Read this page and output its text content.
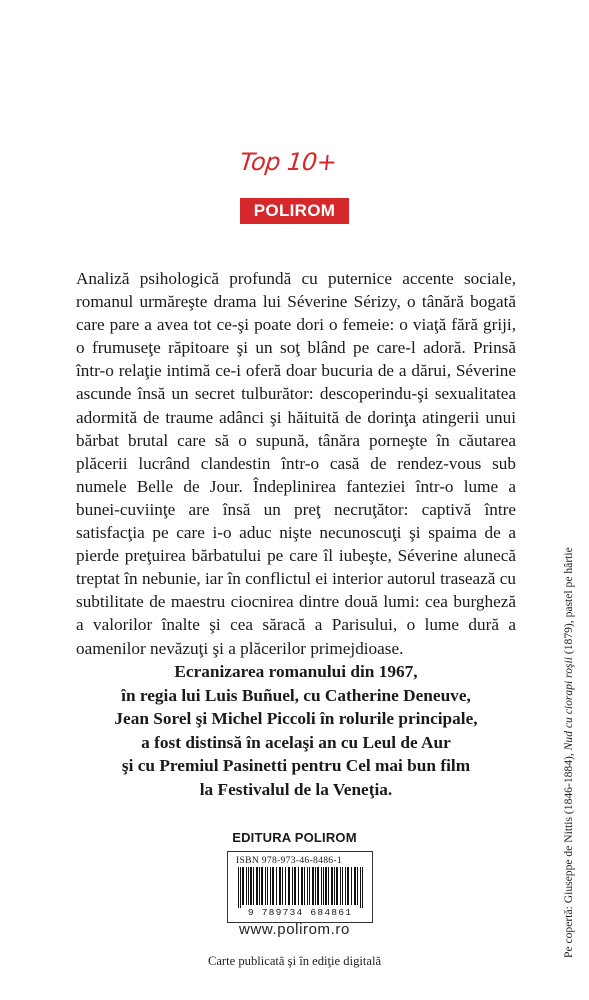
Top 10+
POLIROM

Analiză psihologică profundă cu puternice accente sociale, romanul urmăreşte drama lui Séverine Sérizy, o tânără bogată care pare a avea tot ce-şi poate dori o femeie: o viaţă fără griji, o frumuseţe răpitoare şi un soţ blând pe care-l adoră. Prinsă într-o relaţie intimă ce-i oferă doar bucuria de a dărui, Séverine ascunde însă un secret tulburător: descoperindu-şi sexualitatea adormită de traume adânci şi hăituită de dorinţa atingerii unui bărbat brutal care să o supună, tânăra porneşte în căutarea plăcerii lucrând clandestin într-o casă de rendez-vous sub numele Belle de Jour. Îndeplinirea fanteziei într-o lume a bunei-cuviinţe are însă un preţ necruţător: captivă între satisfacţia pe care i-o aduc nişte necunoscuţi şi spaima de a pierde preţuirea bărbatului pe care îl iubeşte, Séverine alunecă treptat în nebunie, iar în conflictul ei interior autorul trasează cu subtilitate de maestru ciocnirea dintre două lumi: cea burgheză a valorilor înalte şi cea săracă a Parisului, o lume dură a oamenilor nevăzuţi şi a plăcerilor primejdioase.

Pe copertă: Giuseppe de Nittis (1846-1884), Nud cu ciorapi roşii (1879), pastel pe hârtie

Ecranizarea romanului din 1967,
în regia lui Luis Buñuel, cu Catherine Deneuve,
Jean Sorel şi Michel Piccoli în rolurile principale,
a fost distinsă în acelaşi an cu Leul de Aur
şi cu Premiul Pasinetti pentru Cel mai bun film
la Festivalul de la Veneţia.

EDITURA POLIROM
ISBN 978-973-46-8486-1
9 789734 684861
www.polirom.ro
Carte publicată şi în ediţie digitală
